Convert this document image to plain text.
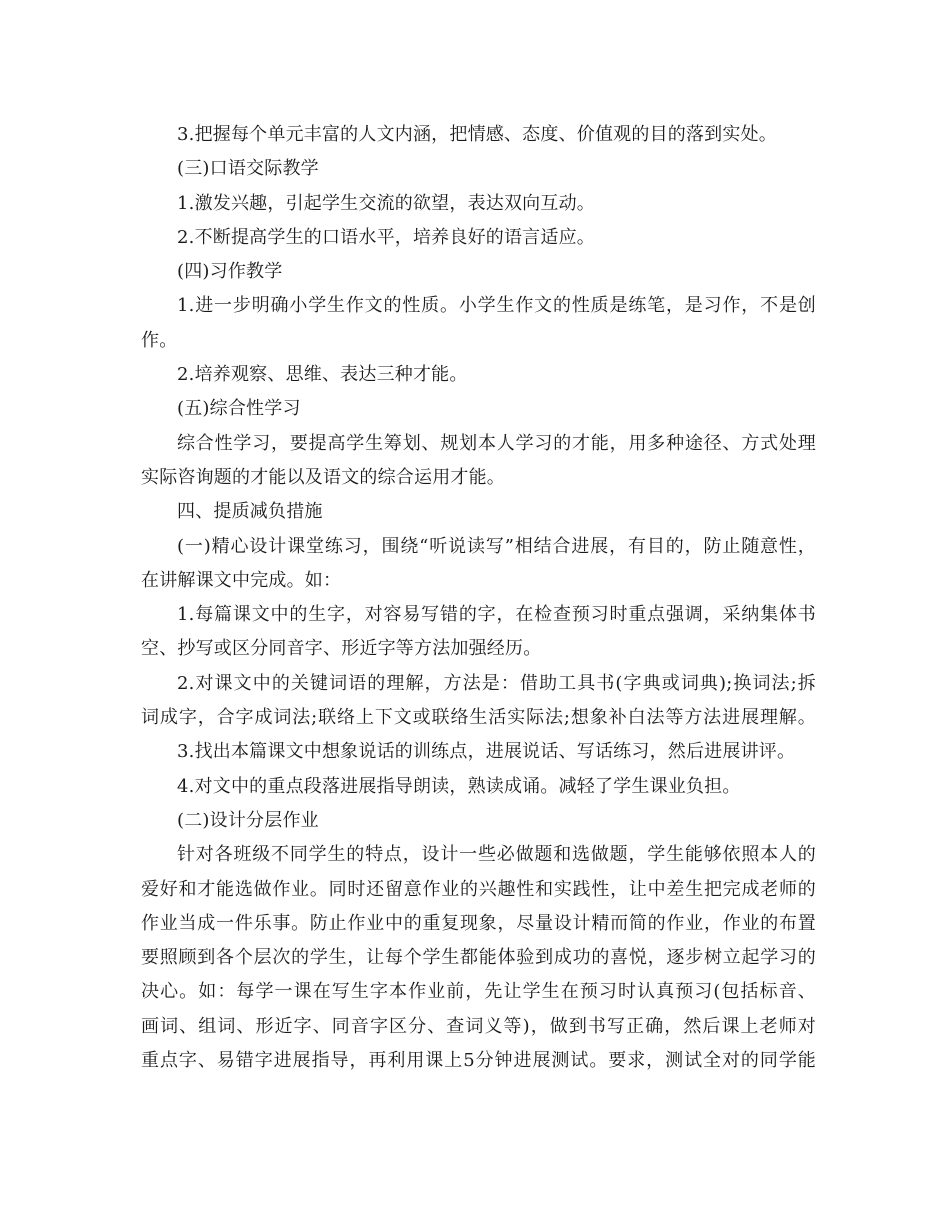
3.把握每个单元丰富的人文内涵，把情感、态度、价值观的目的落到实处。
(三)口语交际教学
1.激发兴趣，引起学生交流的欲望，表达双向互动。
2.不断提高学生的口语水平，培养良好的语言适应。
(四)习作教学
1.进一步明确小学生作文的性质。小学生作文的性质是练笔，是习作，不是创
作。
2.培养观察、思维、表达三种才能。
(五)综合性学习
综合性学习，要提高学生筹划、规划本人学习的才能，用多种途径、方式处理
实际咨询题的才能以及语文的综合运用才能。
四、提质减负措施
(一)精心设计课堂练习，围绕“听说读写”相结合进展，有目的，防止随意性，
在讲解课文中完成。如：
1.每篇课文中的生字，对容易写错的字，在检查预习时重点强调，采纳集体书
空、抄写或区分同音字、形近字等方法加强经历。
2.对课文中的关键词语的理解，方法是：借助工具书(字典或词典);换词法;拆
词成字，合字成词法;联络上下文或联络生活实际法;想象补白法等方法进展理解。
3.找出本篇课文中想象说话的训练点，进展说话、写话练习，然后进展讲评。
4.对文中的重点段落进展指导朗读，熟读成诵。减轻了学生课业负担。
(二)设计分层作业
针对各班级不同学生的特点，设计一些必做题和选做题，学生能够依照本人的
爱好和才能选做作业。同时还留意作业的兴趣性和实践性，让中差生把完成老师的
作业当成一件乐事。防止作业中的重复现象，尽量设计精而简的作业，作业的布置
要照顾到各个层次的学生，让每个学生都能体验到成功的喜悦，逐步树立起学习的
决心。如：每学一课在写生字本作业前，先让学生在预习时认真预习(包括标音、
画词、组词、形近字、同音字区分、查词义等)，做到书写正确，然后课上老师对
重点字、易错字进展指导，再利用课上5分钟进展测试。要求，测试全对的同学能
